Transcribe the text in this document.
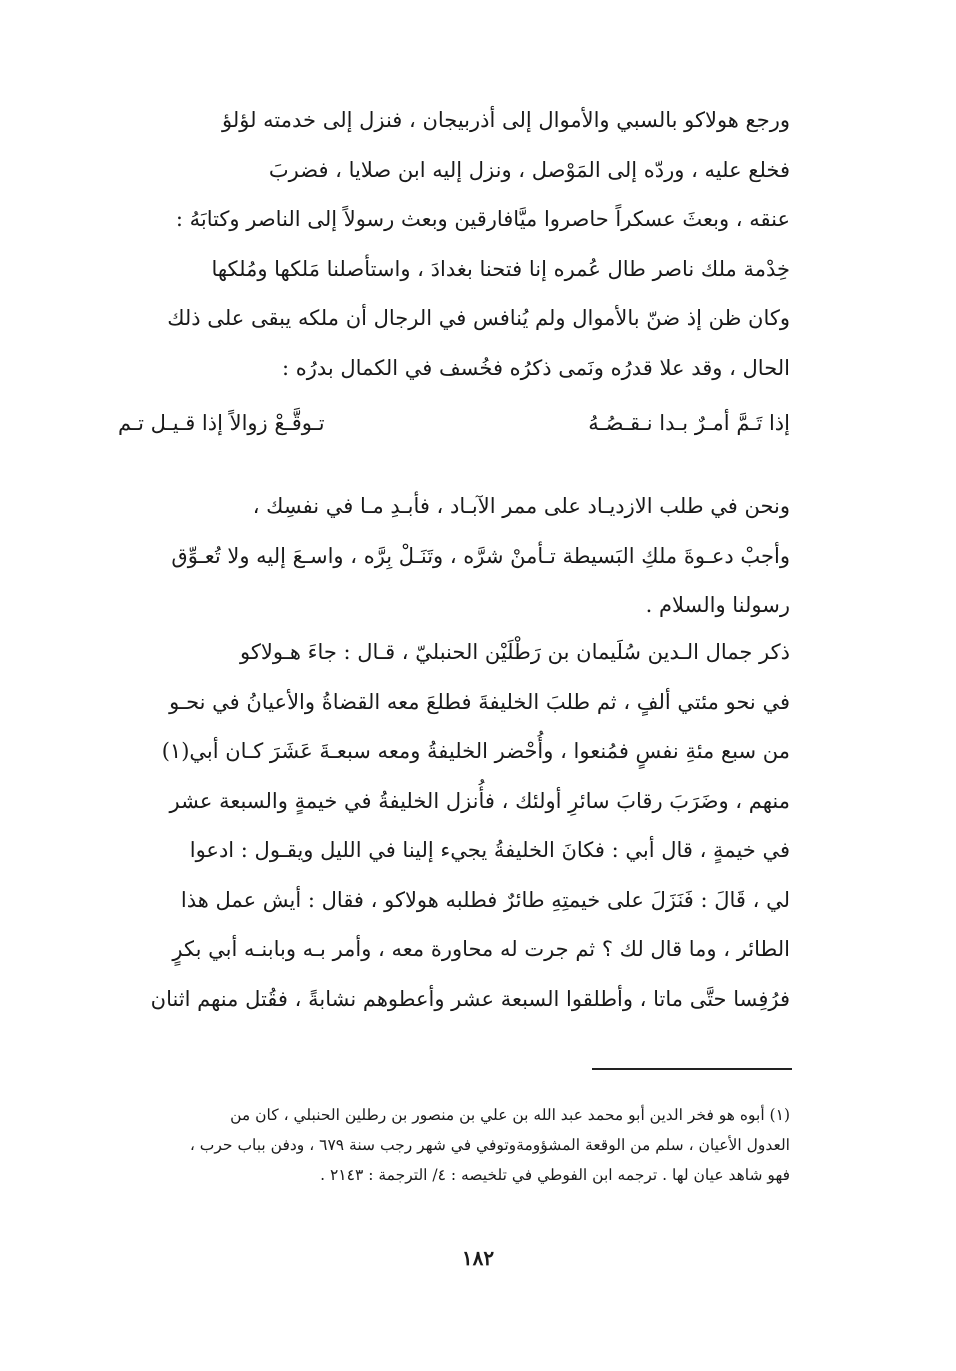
ورجع هولاكو بالسبي والأموال إلى أذربيجان ، فنزل إلى خدمته لؤلؤ
فخلع عليه ، وردّه إلى المَوْصل ، ونزل إليه ابن صلايا ، فضربَ
عنقه ، وبعثَ عسكراً حاصروا ميَّافارقين وبعث رسولاً إلى الناصر وكتابَهُ :
خِدْمة ملك ناصر طال عُمره إنا فتحنا بغدادَ ، واستأصلنا مَلكها ومُلكها
وكان ظن إذ ضنّ بالأموال ولم يُنافس في الرجال أن ملكه يبقى على ذلك
الحال ، وقد علا قدرُه ونَمى ذكرُه فخُسف في الكمال بدرُه :
إذا تَـمَّ أمـرٌ بـدا نـقـصُـهُ
تـوقَّـعْ زوالاً إذا قـيـل تـم
ونحن في طلب الازديـاد على ممر الآبـاد ، فأبـدِ مـا في نفسِك ،
وأجبْ دعـوةَ ملكِ البَسيطة تـأمنْ شرَّه ، وتَنَـلْ بِرَّه ، واسـعَ إليه ولا تُعـوِّق
رسولنا والسلام .
ذكر جمال الـدين سُلَيمان بن رَطْلَيْن الحنبليّ ، قـال : جاءَ هـولاكو
في نحو مئتي ألفٍ ، ثم طلبَ الخليفةَ فطلعَ معه القضاةُ والأعيانُ في نحـو
من سبع مئةِ نفسٍ فمُنعوا ، وأُحْضر الخليفةُ ومعه سبعـةَ عَشَرَ كـان أبي(١)
منهم ، وضَرَبَ رقابَ سائرِ أولئك ، فأُنزل الخليفةُ في خيمةٍ والسبعة عشر
في خيمةٍ ، قال أبي : فكانَ الخليفةُ يجيء إلينا في الليل ويقـول : ادعوا
لي ، قَالَ : فَنَزَلَ على خيمتِهِ طائرٌ فطلبه هولاكو ، فقال : أيش عمل هذا
الطائر ، وما قال لك ؟ ثم جرت له محاورة معه ، وأمر بـه وبابنـه أبي بكرٍ
فرُفِسا حتَّى ماتا ، وأطلقوا السبعة عشر وأعطوهم نشابةً ، فقُتل منهم اثنان
(١) أبوه هو فخر الدين أبو محمد عبد الله بن علي بن منصور بن رطلين الحنبلي ، كان من
العدول الأعيان ، سلم من الوقعة المشؤومةوتوفي في شهر رجب سنة ٦٧٩ ، ودفن بباب حرب ،
فهو شاهد عيان لها . ترجمه ابن الفوطي في تلخيصه : ٤/ الترجمة : ٢١٤٣ .
١٨٢
